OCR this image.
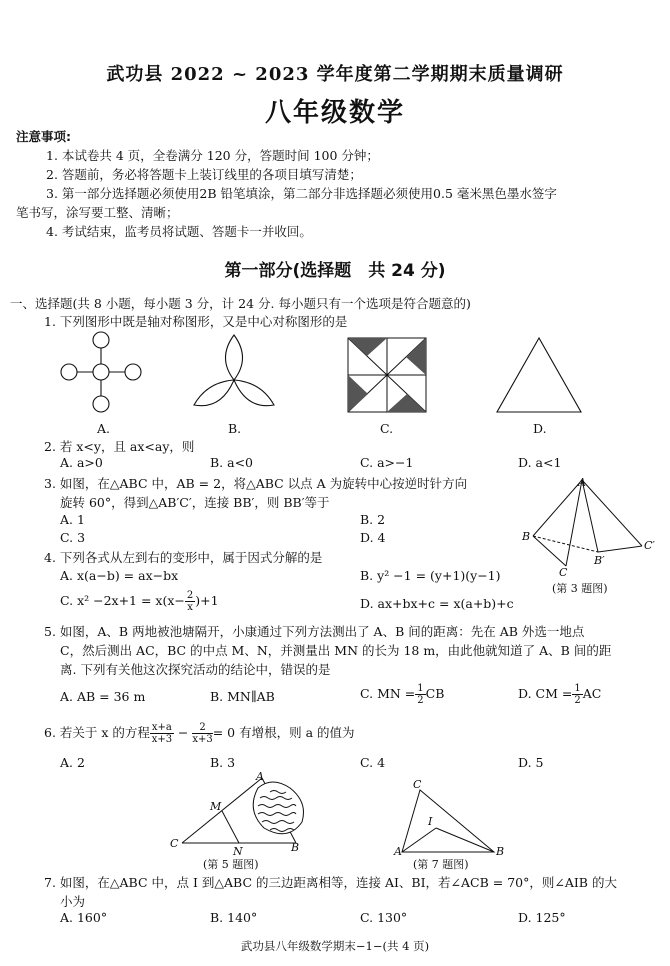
武功县 2022 ~ 2023 学年度第二学期期末质量调研
八年级数学
注意事项:
1. 本试卷共 4 页，全卷满分 120 分，答题时间 100 分钟；
2. 答题前，务必将答题卡上装订线里的各项目填写清楚；
3. 第一部分选择题必须使用2B 铅笔填涂，第二部分非选择题必须使用0.5 毫米黑色墨水签字
笔书写，涂写要工整、清晰；
4. 考试结束，监考员将试题、答题卡一并收回。
第一部分(选择题　共 24 分)
一、选择题(共 8 小题，每小题 3 分，计 24 分. 每小题只有一个选项是符合题意的)
1. 下列图形中既是轴对称图形，又是中心对称图形的是
A.	B.	C.	D.
2. 若 x<y，且 ax<ay，则
A. a>0	B. a<0	C. a>−1	D. a<1
3. 如图，在△ABC 中，AB = 2，将△ABC 以点 A 为旋转中心按逆时针方向
旋转 60°，得到△AB′C′，连接 BB′，则 BB′等于
A. 1	B. 2
C. 3	D. 4
A
B
C
B′
C′
(第 3 题图)
4. 下列各式从左到右的变形中，属于因式分解的是
A. x(a−b) = ax−bx	B. y² −1 = (y+1)(y−1)
C. $x^2 -2x+1 = x(x- \frac{2}{x} )+1$	D. ax+bx+c = x(a+b)+c
5. 如图，A、B 两地被池塘隔开，小康通过下列方法测出了 A、B 间的距离：先在 AB 外选一地点
C，然后测出 AC，BC 的中点 M、N，并测量出 MN 的长为 18 m，由此他就知道了 A、B 间的距
离. 下列有关他这次探究活动的结论中，错误的是
A. AB = 36 m	B. MN∥AB	C. MN = $\frac{1}{2}$ CB	D. CM = $\frac{1}{2}$ AC
6. 若关于 x 的方程 $\frac{x+a}{x+3} - \frac{2}{x+3} = 0$ 有增根，则 a 的值为
A. 2	B. 3	C. 4	D. 5
A
M
C
N	B
(第 5 题图)
C
I
A	B
(第 7 题图)
7. 如图，在△ABC 中，点 I 到△ABC 的三边距离相等，连接 AI、BI，若∠ACB = 70°，则∠AIB 的大
小为
A. 160°	B. 140°	C. 130°	D. 125°
武功县八年级数学期末−1−(共 4 页)
